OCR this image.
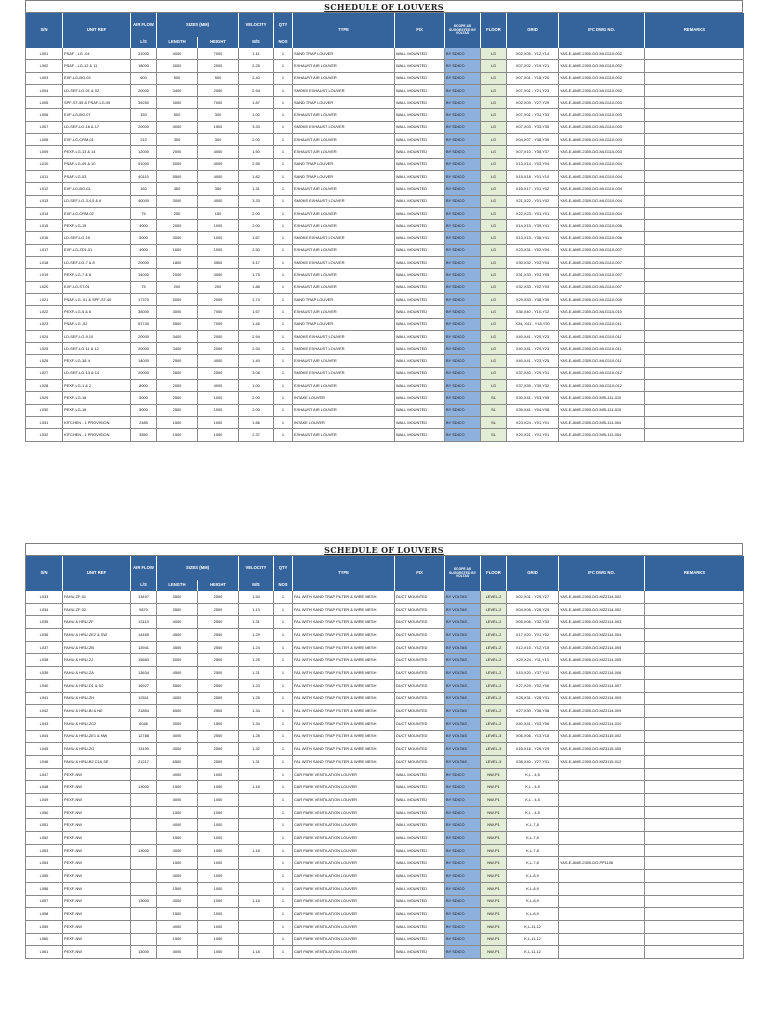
SCHEDULE OF LOUVERS
S/N	UNIT REF
AIR FLOW
L/S
SIZES (MM)
LENGTH	HEIGHT
VELOCITY
M/S
QTY
NOS
TYPE	FIX
SCOPE AS SUGGESTED BY VOLTAS
FLOOR	GRID	IFC DWG NO.	REMARKS
L001	PSAF - LG -04	31000	4000	7000	1.11	1	SAND TRAP LOUVER	WALL MOUNTED	BY SDICO	LG	X02,X05 - Y12,Y14	YAS-E-AME-2300-DG-MLG110-002	
L002	PSAF - LG-12 & 11	18000	3000	2000	2.25	1	EXHAUST AIR LOUVER	WALL MOUNTED	BY SDICO	LG	X07,X02 - Y19,Y21	YAS-E-AME-2300-DG-MLG110-002	
L003	EXF-LG-BG-03	600	500	500	2.40	1	EXHAUST AIR LOUVER	WALL MOUNTED	BY SDICO	LG	X07,X01 - Y18,Y20	YAS-E-AME-2300-DG-MLG110-002	
L004	LD-SEF-LG-01 & 02	20000	3400	2000	2.94	1	SMOKE EXHAUST LOUVER	WALL MOUNTED	BY SDICO	LG	X07,X01 - Y21,Y23	YAS-E-AME-2300-DG-MLG110-002	
L005	SPF-ST-35 & PSAF-LG-05	39250	3000	7000	1.87	1	SAND TRAP LOUVER	WALL MOUNTED	BY SDICO	LG	X02,X09 - Y27,Y29	YAS-E-AME-2300-DG-MLG110-003	
L006	EXF-LG-BG-07	150	500	300	1.00	1	EXHAUST AIR LOUVER	WALL MOUNTED	BY SDICO	LG	X07,X01 - Y31,Y33	YAS-E-AME-2300-DG-MLG110-003	
L007	LD-SEF-LG-16 & 17	20000	4000	1500	3.33	1	SMOKE EXHAUST LOUVER	WALL MOUNTED	BY SDICO	LG	X07,X03 - Y33,Y35	YAS-E-AME-2300-DG-MLG110-003	
L008	EXF-LG-CRM-01	210	350	300	2.00	1	EXHAUST AIR LOUVER	WALL MOUNTED	BY SDICO	LG	X04,X07 - Y38,Y39	YAS-E-AME-2300-DG-MLG110-003	
L009	PEXF-LG-13 & 14	12000	2000	4000	1.50	1	EXHAUST AIR LOUVER	WALL MOUNTED	BY SDICO	LG	X07,X10 - Y35,Y37	YAS-E-AME-2300-DG-MLG110-003	
L010	PSAF-LG-09 & 10	51000	5000	4000	2.55	1	SAND TRAP LOUVER	WALL MOUNTED	BY SDICO	LG	X13,X14 - Y03,Y04	YAS-E-AME-2300-DG-MLG110-004	
L011	PSAF-LG-03	40110	5500	4000	1.82	1	SAND TRAP LOUVER	WALL MOUNTED	BY SDICO	LG	X15,X18 - Y01,Y10	YAS-E-AME-2300-DG-MLG110-004	
L012	EXF-LG-BG-01	160	350	350	1.31	1	EXHAUST AIR LOUVER	WALL MOUNTED	BY SDICO	LG	X16,X17 - Y01,Y02	YAS-E-AME-2300-DG-MLG110-004	
L013	LD-SEF-LG-3,4,5 & 6	40000	3000	4000	3.33	1	SMOKE EXHAUST LOUVER	WALL MOUNTED	BY SDICO	LG	X21,X22 - Y01,Y02	YAS-E-AME-2300-DG-MLG110-004	
L014	EXF-LG-CRM-02	75	250	150	2.00	1	EXHAUST AIR LOUVER	WALL MOUNTED	BY SDICO	LG	X22,X23 - Y01,Y01	YAS-E-AME-2300-DG-MLG110-004	
L015	PEXF-LG-15	4000	2000	1000	2.00	1	EXHAUST AIR LOUVER	WALL MOUNTED	BY SDICO	LG	X14,X15 - Y39,Y41	YAS-E-AME-2300-DG-MLG110-006	
L016	LD-SEF-LG-15	5000	3000	1000	1.67	1	SMOKE EXHAUST LOUVER	WALL MOUNTED	BY SDICO	LG	X13,X15 - Y38,Y41	YAS-E-AME-2300-DG-MLG110-006	
L017	EXF-LG-ZD1-01	4000	1600	1000	2.50	1	EXHAUST AIR LOUVER	WALL MOUNTED	BY SDICO	LG	X23,X31 - Y02,Y04	YAS-E-AME-2300-DG-MLG110-007	
L018	LD-SEF-LG-7 & 8	20000	1800	3500	3.17	1	SMOKE EXHAUST LOUVER	WALL MOUNTED	BY SDICO	LG	X30,X32 - Y03,Y04	YAS-E-AME-2300-DG-MLG110-007	
L019	PEXF-LG-7 & 8	14000	2000	4000	1.75	1	EXHAUST AIR LOUVER	WALL MOUNTED	BY SDICO	LG	X31,X33 - Y03,Y05	YAS-E-AME-2300-DG-MLG110-007	
L020	EXF-LG-ST-01	75	200	200	1.88	1	EXHAUST AIR LOUVER	WALL MOUNTED	BY SDICO	LG	X32,X33 - Y02,Y03	YAS-E-AME-2300-DG-MLG110-007	
L021	PSAF-LG- 01 & SPF-ST-40	17370	5000	2000	1.74	1	SAND TRAP LOUVER	WALL MOUNTED	BY SDICO	LG	X29,X33 - Y38,Y39	YAS-E-AME-2300-DG-MLG110-009	
L022	PEXF-LG-5 & 6	35000	3000	7000	1.67	1	EXHAUST AIR LOUVER	WALL MOUNTED	BY SDICO	LG	X38,X40 - Y10-Y12	YAS-E-AME-2300-DG-MLG110-010	
L023	PSAF-LG -02	51740	5500	7000	1.45	1	SAND TRAP LOUVER	WALL MOUNTED	BY SDICO	LG	X34, X41 - Y18,Y20	YAS-E-AME-2300-DG-MLG110-011	
L024	LD-SEF-LG-9,10	20000	3400	2000	2.94	1	SMOKE EXHAUST LOUVER	WALL MOUNTED	BY SDICO	LG	X40,X41 - Y20,Y23	YAS-E-AME-2300-DG-MLG110-011	
L025	LD-SEF-LG-11 & 12	20000	3400	2000	2.94	1	SMOKE EXHAUST LOUVER	WALL MOUNTED	BY SDICO	LG	X40,X41 - Y20,Y23	YAS-E-AME-2300-DG-MLG110-011	
L026	PEXF-LG-3& 4	14000	2500	4000	1.40	1	EXHAUST AIR LOUVER	WALL MOUNTED	BY SDICO	LG	X40,X41 - Y23,Y25	YAS-E-AME-2300-DG-MLG110-011	
L027	LD-SEF-LG-13 & 14	20000	2600	2500	3.08	1	SMOKE EXHAUST LOUVER	WALL MOUNTED	BY SDICO	LG	X37,X40 - Y29,Y31	YAS-E-AME-2300-DG-MLG110-012	
L028	PEXF-LG-1 & 2	8000	2000	4000	1.00	1	EXHAUST AIR LOUVER	WALL MOUNTED	BY SDICO	LG	X37,X39 - Y30,Y32	YAS-E-AME-2300-DG-MLG110-012	
L029	PEXF-LG-16	5000	2500	1000	2.00	1	INTAKE LOUVER	WALL MOUNTED	BY SDICO	SL	X30,X41 - Y03,Y05	YAS-E-AME-2300-DG-MSL111-010	
L030	PEXF-LG-16	5000	2500	1000	2.00	1	EXHAUST AIR LOUVER	WALL MOUNTED	BY SDICO	SL	X39,X41 - Y04,Y08	YAS-E-AME-2300-DG-MSL111-010	
L031	KITCHEN - 1 PROVISION	2485	1500	1000	1.66	1	INTAKE LOUVER	WALL MOUNTED	BY SDICO	SL	X23,X24 - Y01,Y01	YAS-E-AME-2300-DG-MSL111-004	
L032	KITCHEN - 1 PROVISION	3550	1500	1000	2.37	1	EXHAUST AIR LOUVER	WALL MOUNTED	BY SDICO	SL	X20,X21 - Y01,Y01	YAS-E-AME-2300-DG-MSL111-004	
SCHEDULE OF LOUVERS
S/N	UNIT REF
AIR FLOW
L/S
SIZES (MM)
LENGTH	HEIGHT
VELOCITY
M/S
QTY
NOS
TYPE	FIX
SCOPE AS SUGGESTED BY VOLTAS
FLOOR	GRID	IFC DWG NO.	REMARKS
L033	FAHU-ZF-01	13497	3500	2500	1.54	1	FAL WITH SAND TRAP FILTER & WIRE MESH	DUCT MOUNTED	BY VOLTAS	LEVEL-2	X02,X01 - Y25,Y27	YAS-E-AME-2300-DG-MZ2114-002	
L034	FAHU-ZF-02	9870	3500	2500	1.13	1	FAL WITH SAND TRAP FILTER & WIRE MESH	DUCT MOUNTED	BY VOLTAS	LEVEL-2	X04,X06 - Y26,Y29	YAS-E-AME-2300-DG-MZ2114-002	
L035	FAHU & HRU-ZF	13113	4000	2500	1.31	1	FAL WITH SAND TRAP FILTER & WIRE MESH	DUCT MOUNTED	BY VOLTAS	LEVEL-2	X05,X06 - Y32,Y33	YAS-E-AME-2300-DG-MZ2114-003	
L036	FAHU & HRU-ZE2 & SW	14465	4500	2500	1.29	1	FAL WITH SAND TRAP FILTER & WIRE MESH	DUCT MOUNTED	BY VOLTAS	LEVEL-2	X17,X20 - Y01,Y02	YAS-E-AME-2300-DG-MZ2114-004	
L037	FAHU & HRU-ZB	13941	4500	2500	1.24	1	FAL WITH SAND TRAP FILTER & WIRE MESH	DUCT MOUNTED	BY VOLTAS	LEVEL-2	X12,X15 - Y12,Y15	YAS-E-AME-2300-DG-MZ2114-005	
L038	FAHU & HRU-ZJ	15683	5000	2500	1.25	1	FAL WITH SAND TRAP FILTER & WIRE MESH	DUCT MOUNTED	BY VOLTAS	LEVEL-2	X20,X24 - Y11,Y13	YAS-E-AME-2300-DG-MZ2114-005	
L039	FAHU & HRU-ZA	13634	4500	2500	1.21	1	FAL WITH SAND TRAP FILTER & WIRE MESH	DUCT MOUNTED	BY VOLTAS	LEVEL-2	X15,X20 - Y37,Y41	YAS-E-AME-2300-DG-MZ2114-006	
L040	FAHU & HRU-D1 & D2	16927	5500	2500	1.23	1	FAL WITH SAND TRAP FILTER & WIRE MESH	DUCT MOUNTED	BY VOLTAS	LEVEL-2	X27,X29 - Y02,Y06	YAS-E-AME-2300-DG-MZ2114-007	
L041	FAHU & HRU-ZH	12511	4000	2500	1.25	1	FAL WITH SAND TRAP FILTER & WIRE MESH	DUCT MOUNTED	BY VOLTAS	LEVEL-2	X28,X31 - Y28,Y31	YAS-E-AME-2300-DG-MZ2114-009	
L042	FAHU & HRU-BI & NE	21854	6500	2500	1.34	1	FAL WITH SAND TRAP FILTER & WIRE MESH	DUCT MOUNTED	BY VOLTAS	LEVEL-2	X27,X30 - Y38,Y38	YAS-E-AME-2300-DG-MZ2114-009	
L043	FAHU & HRU-ZC2	6046	3000	1500	1.34	1	FAL WITH SAND TRAP FILTER & WIRE MESH	DUCT MOUNTED	BY VOLTAS	LEVEL-2	X40,X41 - Y03,Y06	YAS-E-AME-2300-DG-MZ2114-010	
L044	FAHU & HRU-ZE1 & NW	12788	4000	2500	1.28	1	FAL WITH SAND TRAP FILTER & WIRE MESH	DUCT MOUNTED	BY VOLTAS	LEVEL-3	X06,X06 - Y13,Y18	YAS-E-AME-2300-DG-MZ3115-002	
L045	FAHU & HRU-ZG	13190	4000	2500	1.32	1	FAL WITH SAND TRAP FILTER & WIRE MESH	DUCT MOUNTED	BY VOLTAS	LEVEL-3	X16,X16 - Y26,Y29	YAS-E-AME-2300-DG-MZ3115-005	
L046	FAHU & HRU-B2,C1& SE	21217	6500	2500	1.31	1	FAL WITH SAND TRAP FILTER & WIRE MESH	DUCT MOUNTED	BY VOLTAS	LEVEL-3	X38,X40 - Y27,Y31	YAS-E-AME-2300-DG-MZ3115-012	
L047	PEXF-NW		4000	1000		1	CAR PARK VENTILATION LOUVER	WALL MOUNTED	BY SDICO	NW-P1	K,L - 4,5		
L048	PEXF-NW	13000	1500	1000	1.18	1	CAR PARK VENTILATION LOUVER	WALL MOUNTED	BY SDICO	NW-P1	K,L - 4,5		
L049	PEXF-NW		4000	1000		1	CAR PARK VENTILATION LOUVER	WALL MOUNTED	BY SDICO	NW-P1	K,L - 4,5		
L050	PEXF-NW		1500	1000		1	CAR PARK VENTILATION LOUVER	WALL MOUNTED	BY SDICO	NW-P1	K,L - 4,5		
L051	PEXF-NW		4000	1000		1	CAR PARK VENTILATION LOUVER	WALL MOUNTED	BY SDICO	NW-P1	K,L-7,8		
L052	PEXF-NW		1500	1000		1	CAR PARK VENTILATION LOUVER	WALL MOUNTED	BY SDICO	NW-P1	K,L-7,8		
L053	PEXF-NW	13000	4000	1000	1.18	1	CAR PARK VENTILATION LOUVER	WALL MOUNTED	BY SDICO	NW-P1	K,L-7,8		
L054	PEXF-NW		1500	1000		1	CAR PARK VENTILATION LOUVER	WALL MOUNTED	BY SDICO	NW-P1	K,L-7,8	YAS-E-AME-2300-DG-PP1106	
L055	PEXF-NW		4000	1000		1	CAR PARK VENTILATION LOUVER	WALL MOUNTED	BY SDICO	NW-P1	K,L-8,9		
L056	PEXF-NW		1500	1000		1	CAR PARK VENTILATION LOUVER	WALL MOUNTED	BY SDICO	NW-P1	K,L-8,9		
L057	PEXF-NW	13000	4000	1000	1.18	1	CAR PARK VENTILATION LOUVER	WALL MOUNTED	BY SDICO	NW-P1	K,L-8,9		
L058	PEXF-NW		1500	1000		1	CAR PARK VENTILATION LOUVER	WALL MOUNTED	BY SDICO	NW-P1	K,L-8,9		
L059	PEXF-NW		4000	1000		1	CAR PARK VENTILATION LOUVER	WALL MOUNTED	BY SDICO	NW-P1	K,L-11,12		
L060	PEXF-NW		1500	1000		1	CAR PARK VENTILATION LOUVER	WALL MOUNTED	BY SDICO	NW-P1	K,L-11,12		
L061	PEXF-NW	13000	4000	1000	1.18	1	CAR PARK VENTILATION LOUVER	WALL MOUNTED	BY SDICO	NW-P1	K,L-11,12		
